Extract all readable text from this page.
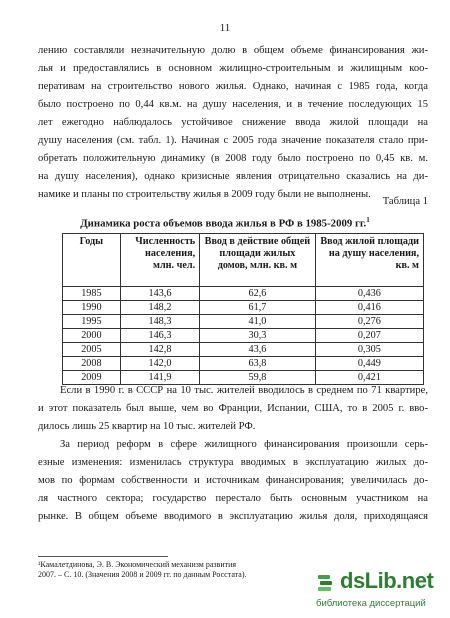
11

лению составляли незначительную долю в общем объеме финансирования жи-

лья и предоставлялись в основном жилищно-строительным и жилищным коо-

перативам на строительство нового жилья. Однако, начиная с 1985 года, когда

было построено по 0,44 кв.м. на душу населения, и в течение последующих 15

лет ежегодно наблюдалось устойчивое снижение ввода жилой площади на

душу населения (см. табл. 1). Начиная с 2005 года значение показателя стало при-

обретать положительную динамику (в 2008 году было построено по 0,45 кв. м.

на душу населения), однако кризисные явления отрицательно сказались на ди-

намике и планы по строительству жилья в 2009 году были не выполнены.

Таблица 1
Динамика роста объемов ввода жилья в РФ в 1985-2009 гг.$^1$
Годы	Численность населения, млн. чел.	Ввод в действие общей площади жилых домов, млн. кв. м	Ввод жилой площади на душу населения, кв. м
1985	143,6	62,6	0,436
1990	148,2	61,7	0,416
1995	148,3	41,0	0,276
2000	146,3	30,3	0,207
2005	142,8	43,6	0,305
2008	142,0	63,8	0,449
2009	141,9	59,8	0,421

Если в 1990 г. в СССР на 10 тыс. жителей вводилось в среднем по 71 квартире,

и этот показатель был выше, чем во Франции, Испании, США, то в 2005 г. вво-

дилось лишь 25 квартир на 10 тыс. жителей РФ.

За период реформ в сфере жилищного финансирования произошли серь-

езные изменения: изменилась структура вводимых в эксплуатацию жилых до-

мов по формам собственности и источникам финансирования; увеличилась до-

ля частного сектора; государство перестало быть основным участником на

рынке. В общем объеме вводимого в эксплуатацию жилья доля, приходящаяся

¹Камалетдинова, Э. В. Экономический механизм развития

2007. – С. 10. (Значения 2008 и 2009 гг. по данным Росстата).	dsLib.net
библиотека диссертаций
